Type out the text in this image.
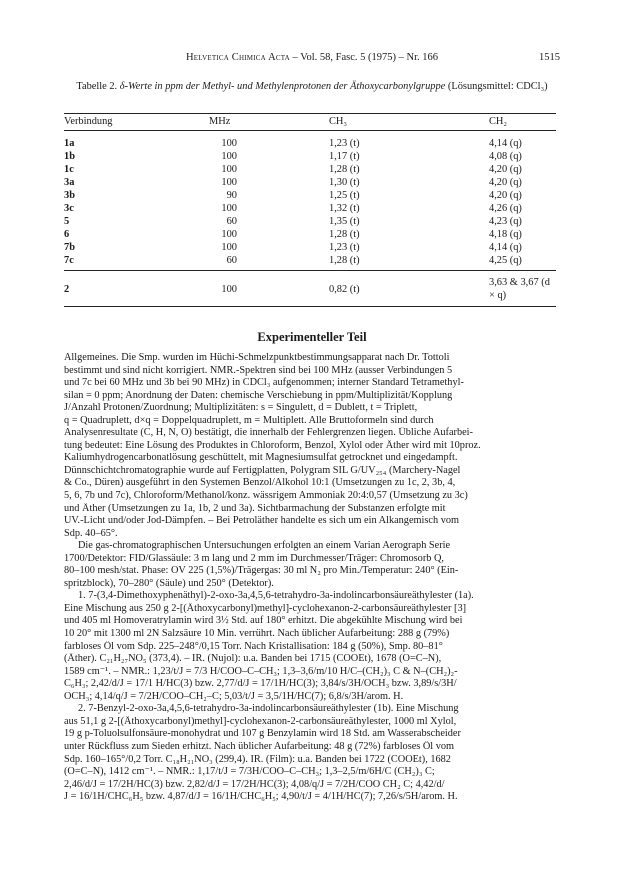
Helvetica Chimica Acta – Vol. 58, Fasc. 5 (1975) – Nr. 166	1515
Tabelle 2. δ-Werte in ppm der Methyl- und Methylenprotonen der Äthoxycarbonylgruppe (Lösungsmittel: CDCl₃)
Verbindung	MHz	CH₃	CH₂
1a	100	1,23 (t)	4,14 (q)
1b	100	1,17 (t)	4,08 (q)
1c	100	1,28 (t)	4,20 (q)
3a	100	1,30 (t)	4,20 (q)
3b	90	1,25 (t)	4,20 (q)
3c	100	1,32 (t)	4,26 (q)
5	60	1,35 (t)	4,23 (q)
6	100	1,28 (t)	4,18 (q)
7b	100	1,23 (t)	4,14 (q)
7c	60	1,28 (t)	4,25 (q)
2	100	0,82 (t)	3,63 & 3,67 (d × q)
Experimenteller Teil
Allgemeines. Die Smp. wurden im Hüchi-Schmelzpunktbestimmungsapparat nach Dr. Tottoli
bestimmt und sind nicht korrigiert. NMR.-Spektren sind bei 100 MHz (ausser Verbindungen 5
und 7c bei 60 MHz und 3b bei 90 MHz) in CDCl₃ aufgenommen; interner Standard Tetramethyl-
silan = 0 ppm; Anordnung der Daten: chemische Verschiebung in ppm/Multiplizität/Kopplung
J/Anzahl Protonen/Zuordnung; Multiplizitäten: s = Singulett, d = Dublett, t = Triplett,
q = Quadruplett, d×q = Doppelquadruplett, m = Multiplett. Alle Bruttoformeln sind durch
Analysenresultate (C, H, N, O) bestätigt, die innerhalb der Fehlergrenzen liegen. Übliche Aufarbei-
tung bedeutet: Eine Lösung des Produktes in Chloroform, Benzol, Xylol oder Äther wird mit 10proz.
Kaliumhydrogencarbonatlösung geschüttelt, mit Magnesiumsulfat getrocknet und eingedampft.
Dünnschichtchromatographie wurde auf Fertigplatten, Polygram SIL G/UV₂₅₄ (Marchery-Nagel
& Co., Düren) ausgeführt in den Systemen Benzol/Alkohol 10:1 (Umsetzungen zu 1c, 2, 3b, 4,
5, 6, 7b und 7c), Chloroform/Methanol/konz. wässrigem Ammoniak 20:4:0,57 (Umsetzung zu 3c)
und Äther (Umsetzungen zu 1a, 1b, 2 und 3a). Sichtbarmachung der Substanzen erfolgte mit
UV.-Licht und/oder Jod-Dämpfen. – Bei Petroläther handelte es sich um ein Alkangemisch vom
Sdp. 40–65°.
Die gas-chromatographischen Untersuchungen erfolgten an einem Varian Aerograph Serie
1700/Detektor: FID/Glassäule: 3 m lang und 2 mm im Durchmesser/Träger: Chromosorb Q,
80–100 mesh/stat. Phase: OV 225 (1,5%)/Trägergas: 30 ml N₂ pro Min./Temperatur: 240° (Ein-
spritzblock), 70–280° (Säule) und 250° (Detektor).
1. 7-(3,4-Dimethoxyphenäthyl)-2-oxo-3a,4,5,6-tetrahydro-3a-indolincarbonsäureäthylester (1a).
Eine Mischung aus 250 g 2-[(Äthoxycarbonyl)methyl]-cyclohexanon-2-carbonsäureäthylester [3]
und 405 ml Homoveratrylamin wird 3½ Std. auf 180° erhitzt. Die abgekühlte Mischung wird bei
10 20° mit 1300 ml 2N Salzsäure 10 Min. verrührt. Nach üblicher Aufarbeitung: 288 g (79%)
farbloses Öl vom Sdp. 225–248°/0,15 Torr. Nach Kristallisation: 184 g (50%), Smp. 80–81°
(Äther). C₂₁H₂₇NO₅ (373,4). – IR. (Nujol): u.a. Banden bei 1715 (COOEt), 1678 (O=C–N),
1589 cm⁻¹. – NMR.: 1,23/t/J = 7/3 H/COO–C–CH₃; 1,3–3,6/m/10 H/C–(CH₂)₃ C & N–(CH₂)₂-
C₆H₃; 2,42/d/J = 17/1 H/HC(3) bzw. 2,77/d/J = 17/1H/HC(3); 3,84/s/3H/OCH₃ bzw. 3,89/s/3H/
OCH₃; 4,14/q/J = 7/2H/COO–CH₂–C; 5,03/t/J = 3,5/1H/HC(7); 6,8/s/3H/arom. H.
2. 7-Benzyl-2-oxo-3a,4,5,6-tetrahydro-3a-indolincarbonsäureäthylester (1b). Eine Mischung
aus 51,1 g 2-[(Äthoxycarbonyl)methyl]-cyclohexanon-2-carbonsäureäthylester, 1000 ml Xylol,
19 g p-Toluolsulfonsäure-monohydrat und 107 g Benzylamin wird 18 Std. am Wasserabscheider
unter Rückfluss zum Sieden erhitzt. Nach üblicher Aufarbeitung: 48 g (72%) farbloses Öl vom
Sdp. 160–165°/0,2 Torr. C₁₈H₂₁NO₃ (299,4). IR. (Film): u.a. Banden bei 1722 (COOEt), 1682
(O=C–N), 1412 cm⁻¹. – NMR.: 1,17/t/J = 7/3H/COO–C–CH₃; 1,3–2,5/m/6H/C (CH₂)₃ C;
2,46/d/J = 17/2H/HC(3) bzw. 2,82/d/J = 17/2H/HC(3); 4,08/q/J = 7/2H/COO CH₂ C; 4,42/d/
J = 16/1H/CHC₆H₅ bzw. 4,87/d/J = 16/1H/CHC₆H₅; 4,90/t/J = 4/1H/HC(7); 7,26/s/5H/arom. H.
